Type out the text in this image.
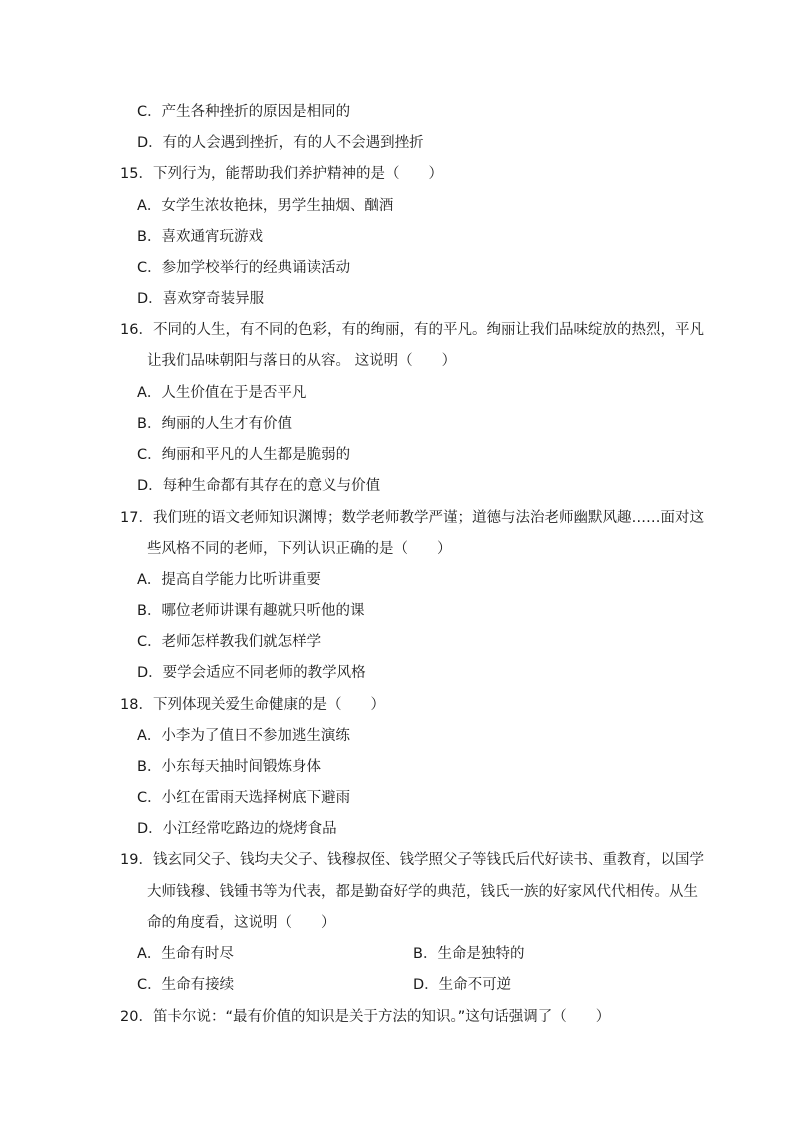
C．产生各种挫折的原因是相同的
D．有的人会遇到挫折，有的人不会遇到挫折
15．下列行为，能帮助我们养护精神的是（　　）
A．女学生浓妆艳抹，男学生抽烟、酗酒
B．喜欢通宵玩游戏
C．参加学校举行的经典诵读活动
D．喜欢穿奇装异服
16．不同的人生，有不同的色彩，有的绚丽，有的平凡。绚丽让我们品味绽放的热烈，平凡
让我们品味朝阳与落日的从容。 这说明（　　）
A．人生价值在于是否平凡
B．绚丽的人生才有价值
C．绚丽和平凡的人生都是脆弱的
D．每种生命都有其存在的意义与价值
17．我们班的语文老师知识渊博；数学老师教学严谨；道德与法治老师幽默风趣……面对这
些风格不同的老师，下列认识正确的是（　　）
A．提高自学能力比听讲重要
B．哪位老师讲课有趣就只听他的课
C．老师怎样教我们就怎样学
D．要学会适应不同老师的教学风格
18．下列体现关爱生命健康的是（　　）
A．小李为了值日不参加逃生演练
B．小东每天抽时间锻炼身体
C．小红在雷雨天选择树底下避雨
D．小江经常吃路边的烧烤食品
19．钱玄同父子、钱均夫父子、钱穆叔侄、钱学照父子等钱氏后代好读书、重教育，以国学
大师钱穆、钱锺书等为代表，都是勤奋好学的典范，钱氏一族的好家风代代相传。从生
命的角度看，这说明（　　）
A．生命有时尽	B．生命是独特的
C．生命有接续	D．生命不可逆
20．笛卡尔说：“最有价值的知识是关于方法的知识。”这句话强调了（　　）
